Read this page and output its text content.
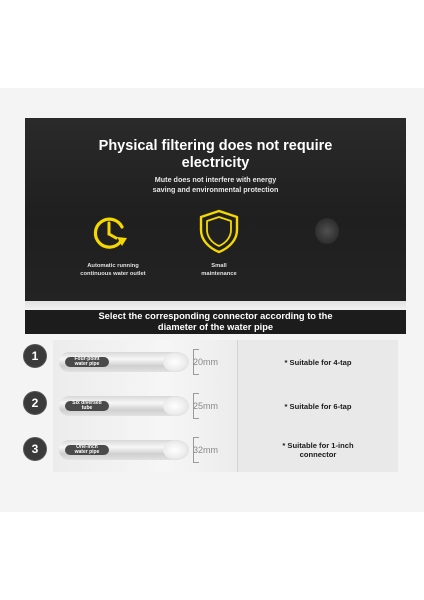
Physical filtering does not require
electricity
Mute does not interfere with energy
saving and environmental protection
Automatic running
continuous water outlet
Small
maintenance
Select the corresponding connector according to the
diameter of the water pipe
1	Four-point
water pipe	20mm	* Suitable for 4-tap

2	Six diversed
tube	25mm	* Suitable for 6-tap

3	One-inch
water pipe	32mm	* Suitable for 1-inch
connector
